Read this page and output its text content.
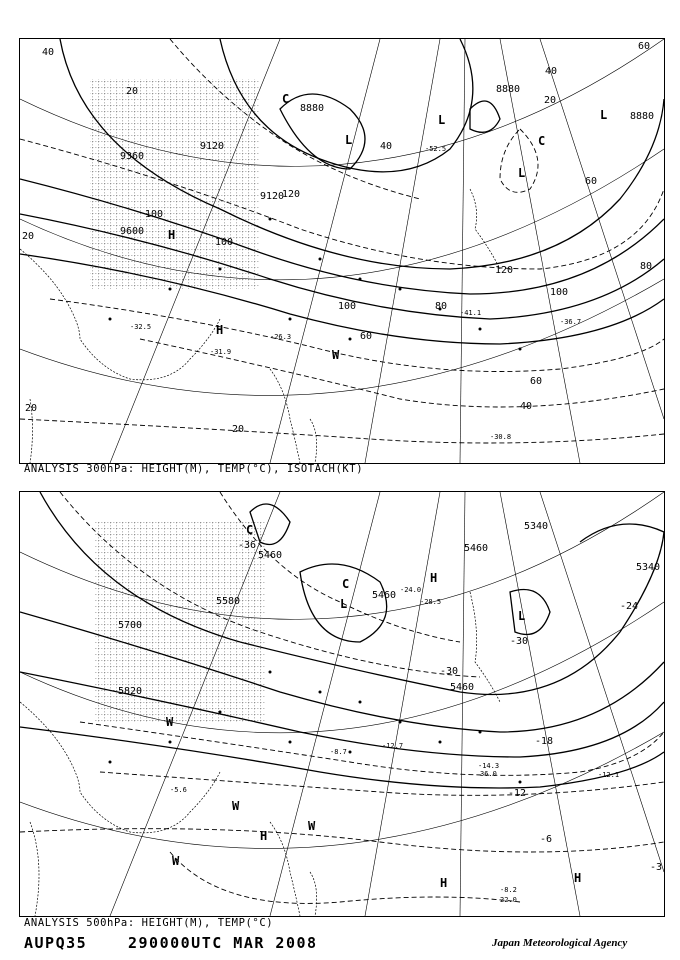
8880
8880
8880
9120
9120
9360
9600
40
40
40
40
60
60
60
60
80
80
100
100
100
100
120
120
20
20
20
20
20
L
L
L
L
C
C
H
H
W
-52.5
-41.1
-36.7
-30.8
-31.9
-32.5
-26.3
ANALYSIS 300hPa: HEIGHT(M), TEMP(°C), ISOTACH(KT)
5340
5340
5460
5460
5460
5460
5580
5700
5820
-36
-30
-30
-24
-18
-12
-6
-3
C
C
L
L
H
H
H	H
W
W
W
W
-28.5
-14.3
-12.7
-12.1
-8.7
-8.2
22.0
36.0
-5.6
-24.0
ANALYSIS 500hPa: HEIGHT(M), TEMP(°C)
AUPQ35	290000UTC MAR 2008	Japan Meteorological Agency
